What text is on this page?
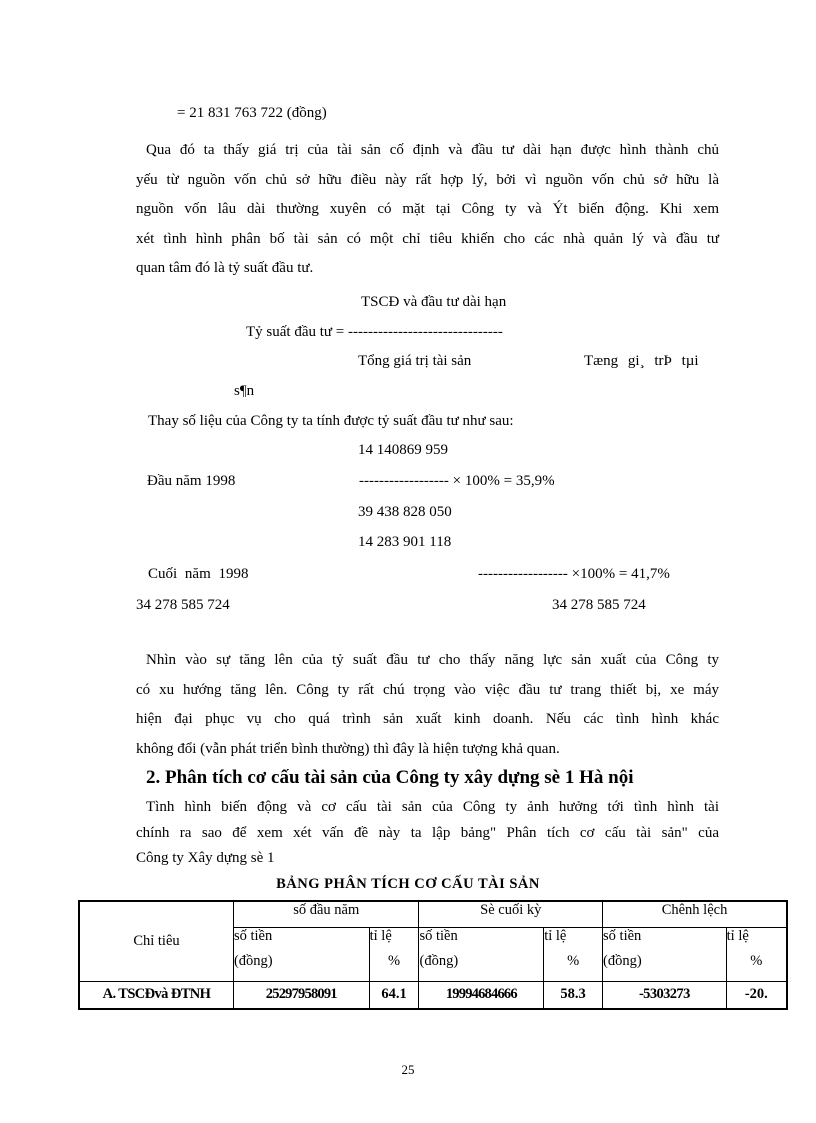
= 21 831 763 722 (đồng)
Qua đó ta thấy giá trị của tài sản cố định và đầu tư dài hạn được hình thành chủ
yếu từ nguồn vốn chủ sở hữu điều này rất hợp lý, bởi vì nguồn vốn chủ sở hữu là
nguồn vốn lâu dài thường xuyên có mặt tại Công ty và Ýt biến động. Khi xem
xét tình hình phân bố tài sản có một chỉ tiêu khiến cho các nhà quản lý và đầu tư
quan tâm đó là tỷ suất đầu tư.
TSCĐ và đầu tư dài hạn
Tỷ suất đầu tư = -------------------------------
Tổng giá trị tài sản	Tæng gi¸ trÞ tµi
s¶n
Thay số liệu của Công ty ta tính được tỷ suất đầu tư như sau:
14 140869 959
Đầu năm 1998	------------------ × 100% = 35,9%
39 438 828 050
14 283 901 118
Cuối năm 1998	------------------ ×100% = 41,7%
34 278 585 724	34 278 585 724
Nhìn vào sự tăng lên của tỷ suất đầu tư cho thấy năng lực sản xuất của Công ty
có xu hướng tăng lên. Công ty rất chú trọng vào việc đầu tư trang thiết bị, xe máy
hiện đại phục vụ cho quá trình sản xuất kinh doanh. Nếu các tình hình khác
không đổi (vẫn phát triển bình thường) thì đây là hiện tượng khả quan.
2. Phân tích cơ cấu tài sản của Công ty xây dựng sè 1 Hà nội
Tình hình biến động và cơ cấu tài sản của Công ty ảnh hưởng tới tình hình tài
chính ra sao để xem xét vấn đề này ta lập bảng" Phân tích cơ cấu tài sản" của
Công ty Xây dựng sè 1
BẢNG PHÂN TÍCH CƠ CẤU TÀI SẢN
Chỉ tiêu	số đầu năm		Sè cuối kỳ		Chênh lệch	
	số tiền	tỉ lệ	số tiền	tỉ lệ	số tiền	tỉ lệ
	(đồng)	%	(đồng)	%	(đồng)	%
A. TSCĐvà ĐTNH	25297958091	64.1	19994684666	58.3	-5303273	-20.
25
